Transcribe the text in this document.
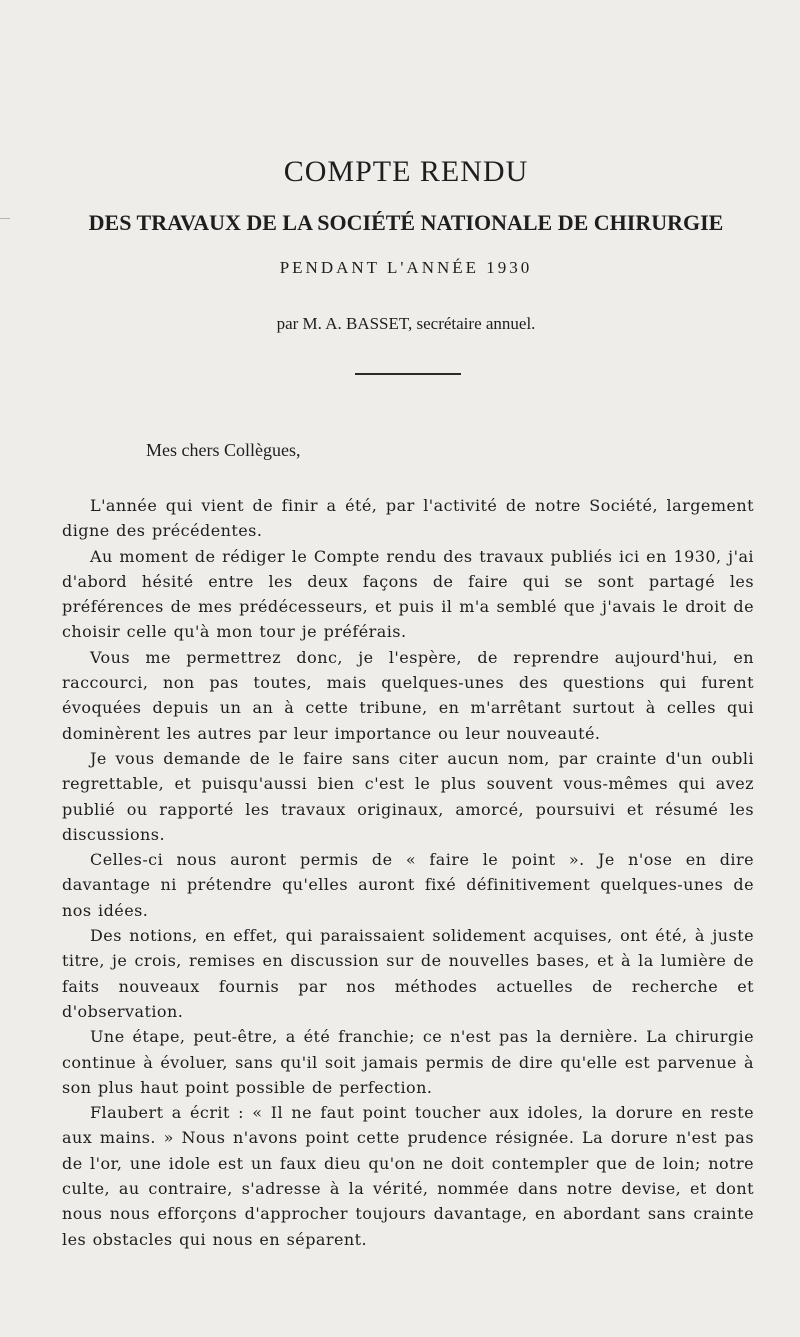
COMPTE RENDU
DES TRAVAUX DE LA SOCIÉTÉ NATIONALE DE CHIRURGIE
PENDANT L'ANNÉE 1930
par M. A. BASSET, secrétaire annuel.
Mes chers Collègues,

L'année qui vient de finir a été, par l'activité de notre Société, largement digne des précédentes.

Au moment de rédiger le Compte rendu des travaux publiés ici en 1930, j'ai d'abord hésité entre les deux façons de faire qui se sont partagé les préférences de mes prédécesseurs, et puis il m'a semblé que j'avais le droit de choisir celle qu'à mon tour je préférais.

Vous me permettrez donc, je l'espère, de reprendre aujourd'hui, en raccourci, non pas toutes, mais quelques-unes des questions qui furent évoquées depuis un an à cette tribune, en m'arrêtant surtout à celles qui dominèrent les autres par leur importance ou leur nouveauté.

Je vous demande de le faire sans citer aucun nom, par crainte d'un oubli regrettable, et puisqu'aussi bien c'est le plus souvent vous-mêmes qui avez publié ou rapporté les travaux originaux, amorcé, poursuivi et résumé les discussions.

Celles-ci nous auront permis de « faire le point ». Je n'ose en dire davantage ni prétendre qu'elles auront fixé définitivement quelques-unes de nos idées.

Des notions, en effet, qui paraissaient solidement acquises, ont été, à juste titre, je crois, remises en discussion sur de nouvelles bases, et à la lumière de faits nouveaux fournis par nos méthodes actuelles de recherche et d'observation.

Une étape, peut-être, a été franchie; ce n'est pas la dernière. La chirurgie continue à évoluer, sans qu'il soit jamais permis de dire qu'elle est parvenue à son plus haut point possible de perfection.

Flaubert a écrit : « Il ne faut point toucher aux idoles, la dorure en reste aux mains. » Nous n'avons point cette prudence résignée. La dorure n'est pas de l'or, une idole est un faux dieu qu'on ne doit contempler que de loin; notre culte, au contraire, s'adresse à la vérité, nommée dans notre devise, et dont nous nous efforçons d'approcher toujours davantage, en abordant sans crainte les obstacles qui nous en séparent.
